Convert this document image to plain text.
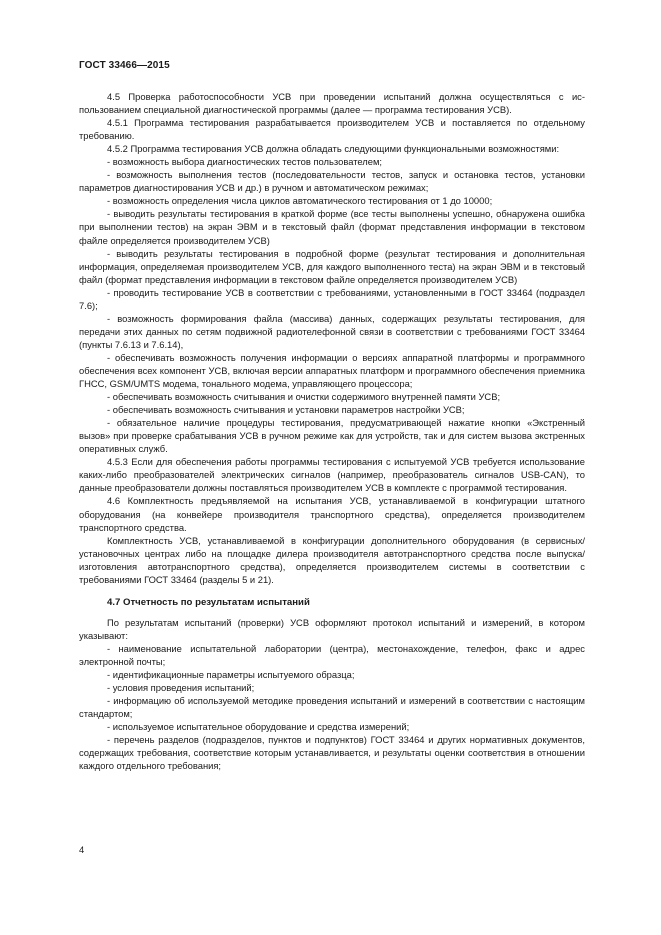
ГОСТ 33466—2015

4.5 Проверка работоспособности УСВ при проведении испытаний должна осуществляться с использованием специальной диагностической программы (далее — программа тестирования УСВ).

4.5.1 Программа тестирования разрабатывается производителем УСВ и поставляется по отдельному требованию.

4.5.2 Программа тестирования УСВ должна обладать следующими функциональными возможностями:

- возможность выбора диагностических тестов пользователем;

- возможность выполнения тестов (последовательности тестов, запуск и остановка тестов, установки параметров диагностирования УСВ и др.) в ручном и автоматическом режимах;

- возможность определения числа циклов автоматического тестирования от 1 до 10000;

- выводить результаты тестирования в краткой форме (все тесты выполнены успешно, обнаружена ошибка при выполнении тестов) на экран ЭВМ и в текстовый файл (формат представления информации в текстовом файле определяется производителем УСВ)

- выводить результаты тестирования в подробной форме (результат тестирования и дополнительная информация, определяемая производителем УСВ, для каждого выполненного теста) на экран ЭВМ и в текстовый файл (формат представления информации в текстовом файле определяется производителем УСВ)

- проводить тестирование УСВ в соответствии с требованиями, установленными в ГОСТ 33464 (подраздел 7.6);

- возможность формирования файла (массива) данных, содержащих результаты тестирования, для передачи этих данных по сетям подвижной радиотелефонной связи в соответствии с требованиями ГОСТ 33464 (пункты 7.6.13 и 7.6.14),

- обеспечивать возможность получения информации о версиях аппаратной платформы и программного обеспечения всех компонент УСВ, включая версии аппаратных платформ и программного обеспечения приемника ГНСС, GSM/UMTS модема, тонального модема, управляющего процессора;

- обеспечивать возможность считывания и очистки содержимого внутренней памяти УСВ;

- обеспечивать возможность считывания и установки параметров настройки УСВ;

- обязательное наличие процедуры тестирования, предусматривающей нажатие кнопки «Экстренный вызов» при проверке срабатывания УСВ в ручном режиме как для устройств, так и для систем вызова экстренных оперативных служб.

4.5.3 Если для обеспечения работы программы тестирования с испытуемой УСВ требуется использование каких-либо преобразователей электрических сигналов (например, преобразователь сигналов USB-CAN), то данные преобразователи должны поставляться производителем УСВ в комплекте с программой тестирования.

4.6 Комплектность предъявляемой на испытания УСВ, устанавливаемой в конфигурации штатного оборудования (на конвейере производителя транспортного средства), определяется производителем транспортного средства.

Комплектность УСВ, устанавливаемой в конфигурации дополнительного оборудования (в сервисных/установочных центрах либо на площадке дилера производителя автотранспортного средства после выпуска/изготовления автотранспортного средства), определяется производителем системы в соответствии с требованиями ГОСТ 33464 (разделы 5 и 21).

4.7 Отчетность по результатам испытаний

По результатам испытаний (проверки) УСВ оформляют протокол испытаний и измерений, в котором указывают:

- наименование испытательной лаборатории (центра), местонахождение, телефон, факс и адрес электронной почты;

- идентификационные параметры испытуемого образца;

- условия проведения испытаний;

- информацию об используемой методике проведения испытаний и измерений в соответствии с настоящим стандартом;

- используемое испытательное оборудование и средства измерений;

- перечень разделов (подразделов, пунктов и подпунктов) ГОСТ 33464 и других нормативных документов, содержащих требования, соответствие которым устанавливается, и результаты оценки соответствия в отношении каждого отдельного требования;

4
